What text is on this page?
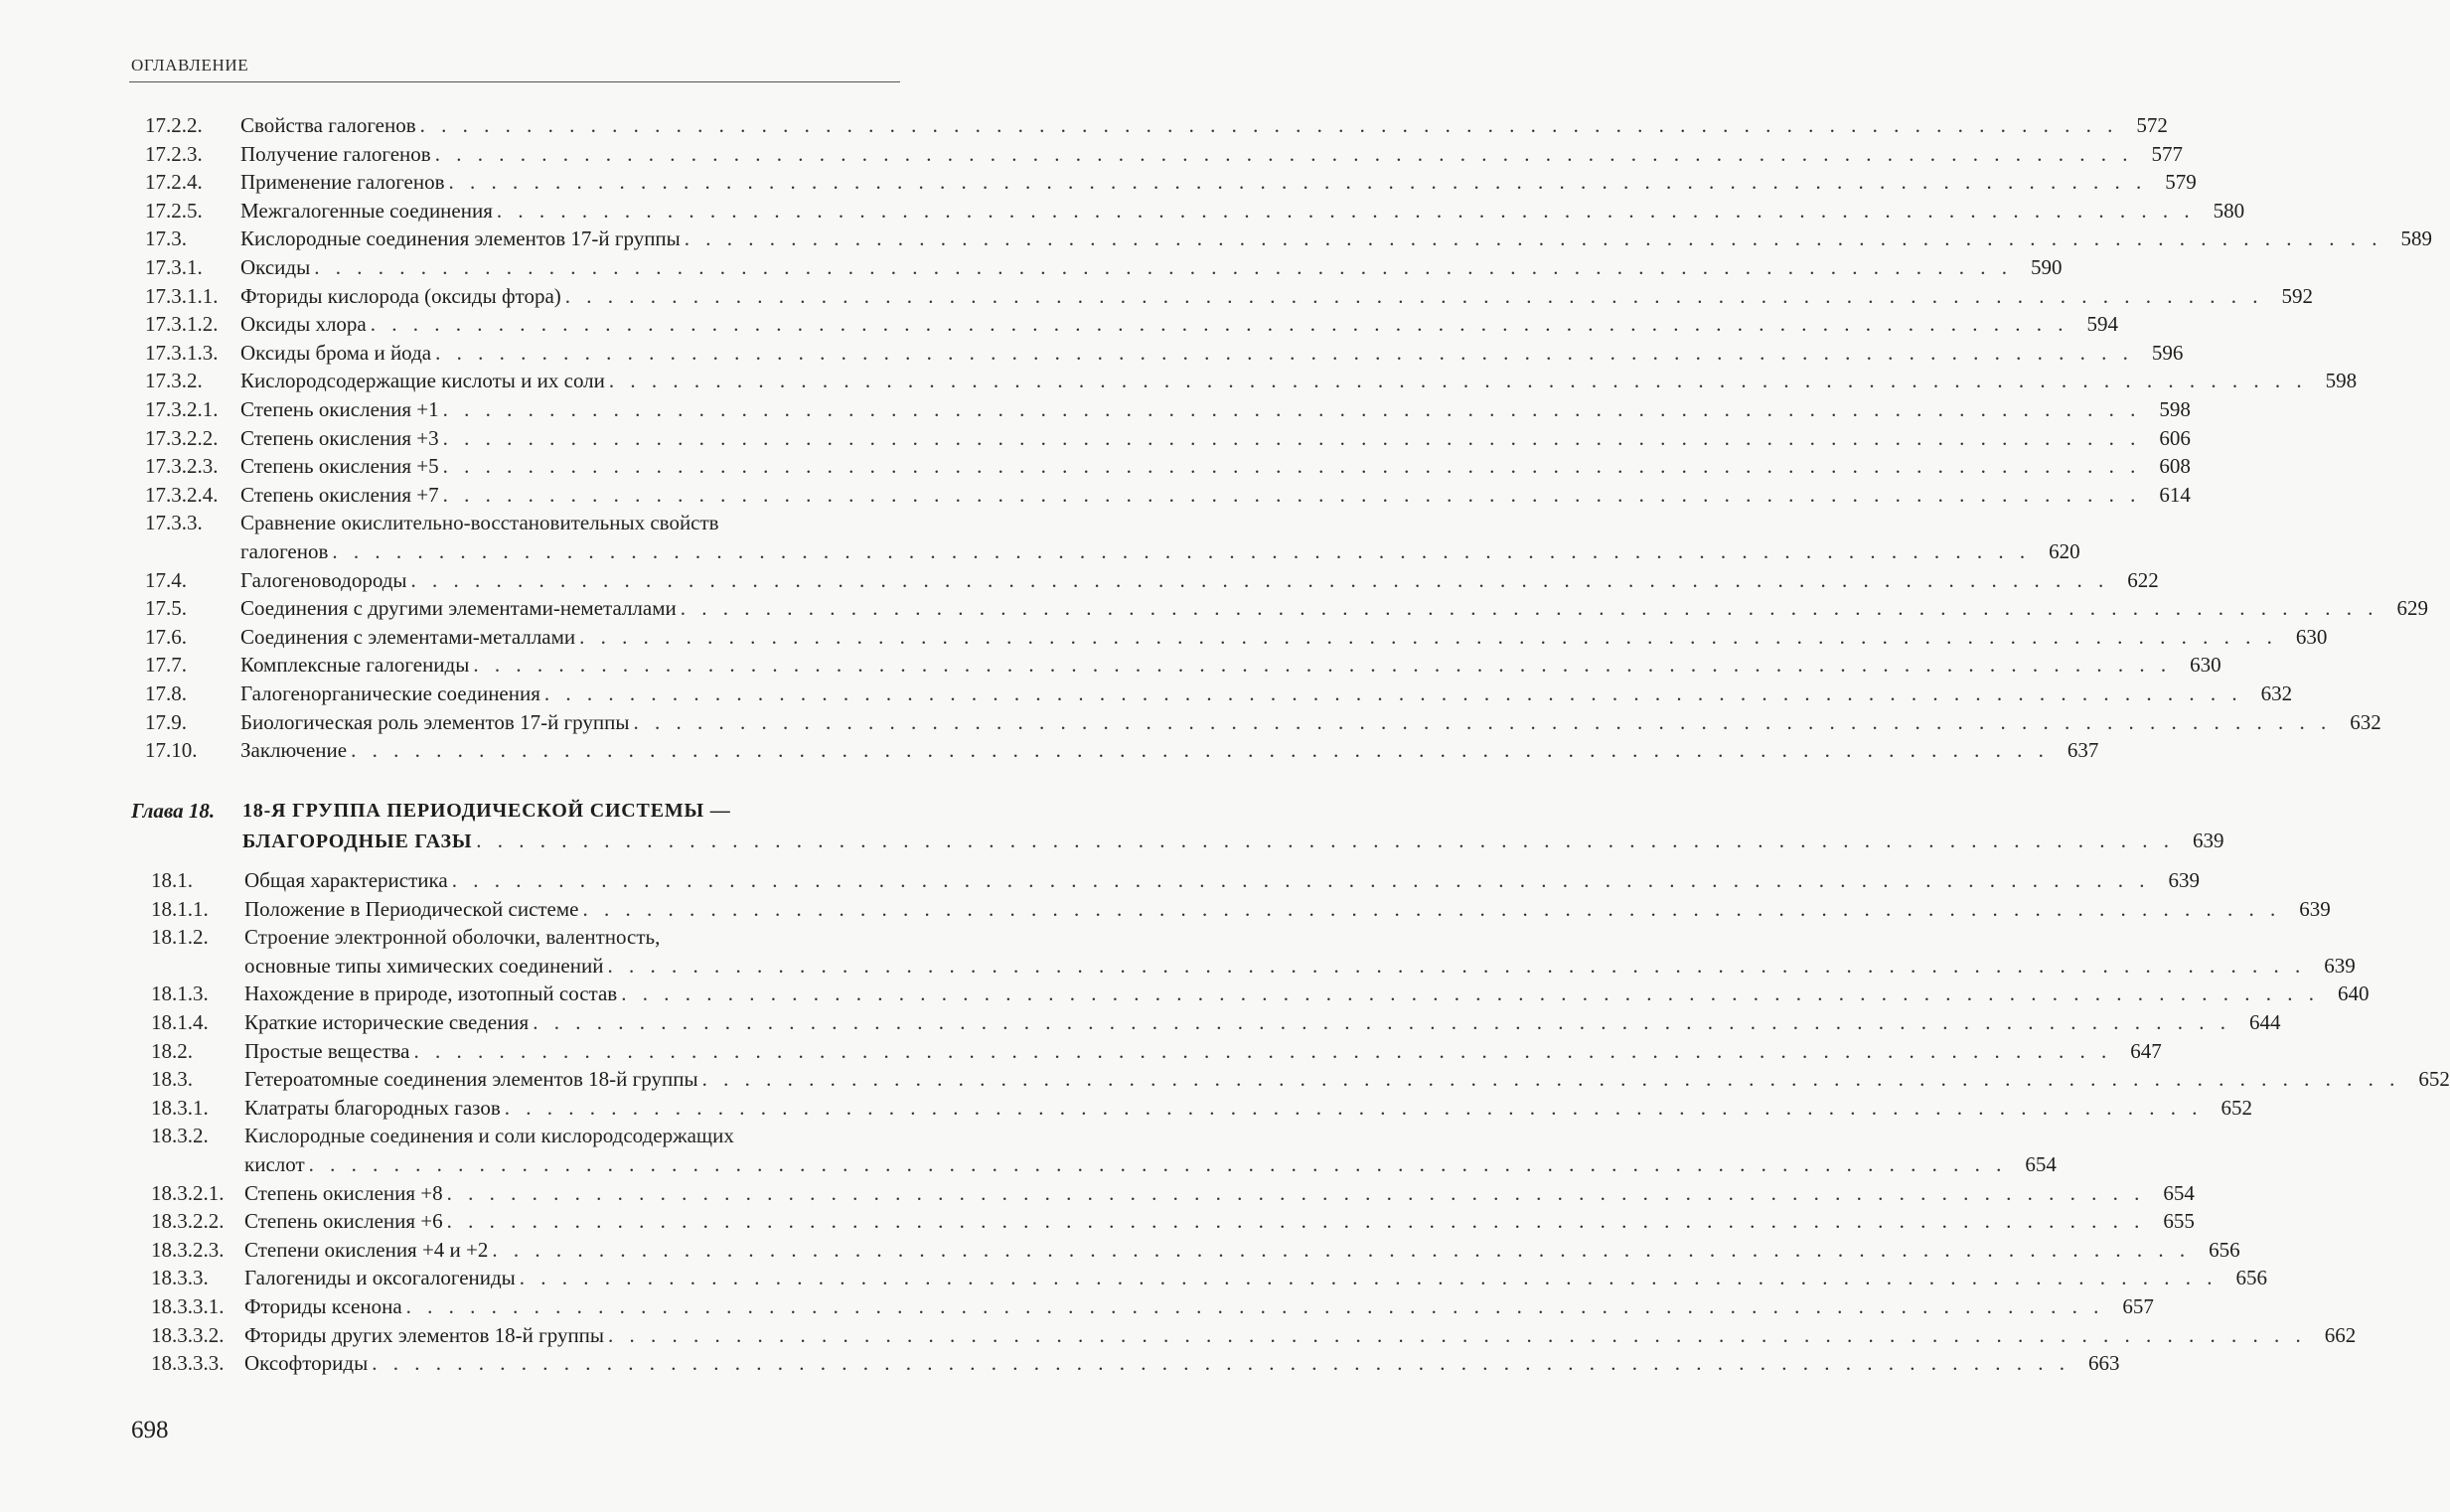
ОГЛАВЛЕНИЕ
17.2.2. Свойства галогенов . . . . . . . . . . . . . . . . . . . . . . . . . . . . . . . . . . . . . . . . . . . . . . . . . . . . . . . . . . . . . . . . . . . . . . . . . . . . . . . . 572
17.2.3. Получение галогенов . . . . . . . . . . . . . . . . . . . . . . . . . . . . . . . . . . . . . . . . . . . . . . . . . . . . . . . . . . . . . . . . . . . . . . . . . . . . . . . . 577
17.2.4. Применение галогенов . . . . . . . . . . . . . . . . . . . . . . . . . . . . . . . . . . . . . . . . . . . . . . . . . . . . . . . . . . . . . . . . . . . . . . . . . . . . . . . . 579
17.2.5. Межгалогенные соединения . . . . . . . . . . . . . . . . . . . . . . . . . . . . . . . . . . . . . . . . . . . . . . . . . . . . . . . . . . . . . . . . . . . . . . . . . . . . . . . . 580
17.3.	Кислородные соединения элементов 17-й группы . . . . . . . . . . . . . . . . . . . . . . . . . . . . . . . . . . . . . . . . . . . . . . . . . . . . . . . . . . . . . . . . . . . . . . . . . . . . . . . . 589
17.3.1. Оксиды . . . . . . . . . . . . . . . . . . . . . . . . . . . . . . . . . . . . . . . . . . . . . . . . . . . . . . . . . . . . . . . . . . . . . . . . . . . . . . . . 590
17.3.1.1. Фториды кислорода (оксиды фтора) . . . . . . . . . . . . . . . . . . . . . . . . . . . . . . . . . . . . . . . . . . . . . . . . . . . . . . . . . . . . . . . . . . . . . . . . . . . . . . . . 592
17.3.1.2. Оксиды хлора . . . . . . . . . . . . . . . . . . . . . . . . . . . . . . . . . . . . . . . . . . . . . . . . . . . . . . . . . . . . . . . . . . . . . . . . . . . . . . . . 594
17.3.1.3. Оксиды брома и йода . . . . . . . . . . . . . . . . . . . . . . . . . . . . . . . . . . . . . . . . . . . . . . . . . . . . . . . . . . . . . . . . . . . . . . . . . . . . . . . . 596
17.3.2. Кислородсодержащие кислоты и их соли . . . . . . . . . . . . . . . . . . . . . . . . . . . . . . . . . . . . . . . . . . . . . . . . . . . . . . . . . . . . . . . . . . . . . . . . . . . . . . . . 598
17.3.2.1. Степень окисления +1 . . . . . . . . . . . . . . . . . . . . . . . . . . . . . . . . . . . . . . . . . . . . . . . . . . . . . . . . . . . . . . . . . . . . . . . . . . . . . . . . 598
17.3.2.2. Степень окисления +3 . . . . . . . . . . . . . . . . . . . . . . . . . . . . . . . . . . . . . . . . . . . . . . . . . . . . . . . . . . . . . . . . . . . . . . . . . . . . . . . . 606
17.3.2.3. Степень окисления +5 . . . . . . . . . . . . . . . . . . . . . . . . . . . . . . . . . . . . . . . . . . . . . . . . . . . . . . . . . . . . . . . . . . . . . . . . . . . . . . . . 608
17.3.2.4. Степень окисления +7 . . . . . . . . . . . . . . . . . . . . . . . . . . . . . . . . . . . . . . . . . . . . . . . . . . . . . . . . . . . . . . . . . . . . . . . . . . . . . . . . 614
17.3.3. Сравнение окислительно-восстановительных свойств
галогенов . . . . . . . . . . . . . . . . . . . . . . . . . . . . . . . . . . . . . . . . . . . . . . . . . . . . . . . . . . . . . . . . . . . . . . . . . . . . . . . . 620
17.4.	Галогеноводороды . . . . . . . . . . . . . . . . . . . . . . . . . . . . . . . . . . . . . . . . . . . . . . . . . . . . . . . . . . . . . . . . . . . . . . . . . . . . . . . . 622
17.5.	Соединения с другими элементами-неметаллами . . . . . . . . . . . . . . . . . . . . . . . . . . . . . . . . . . . . . . . . . . . . . . . . . . . . . . . . . . . . . . . . . . . . . . . . . . . . . . . . 629
17.6.	Соединения с элементами-металлами . . . . . . . . . . . . . . . . . . . . . . . . . . . . . . . . . . . . . . . . . . . . . . . . . . . . . . . . . . . . . . . . . . . . . . . . . . . . . . . . 630
17.7.	Комплексные галогениды . . . . . . . . . . . . . . . . . . . . . . . . . . . . . . . . . . . . . . . . . . . . . . . . . . . . . . . . . . . . . . . . . . . . . . . . . . . . . . . . 630
17.8.	Галогенорганические соединения . . . . . . . . . . . . . . . . . . . . . . . . . . . . . . . . . . . . . . . . . . . . . . . . . . . . . . . . . . . . . . . . . . . . . . . . . . . . . . . . 632
17.9.	Биологическая роль элементов 17-й группы . . . . . . . . . . . . . . . . . . . . . . . . . . . . . . . . . . . . . . . . . . . . . . . . . . . . . . . . . . . . . . . . . . . . . . . . . . . . . . . . 632
17.10. Заключение . . . . . . . . . . . . . . . . . . . . . . . . . . . . . . . . . . . . . . . . . . . . . . . . . . . . . . . . . . . . . . . . . . . . . . . . . . . . . . . . 637
Глава 18. 18-Я ГРУППА ПЕРИОДИЧЕСКОЙ СИСТЕМЫ —
БЛАГОРОДНЫЕ ГАЗЫ . . . . . . . . . . . . . . . . . . . . . . . . . . . . . . . . . . . . . . . . . . . . . . . . . . . . . . . . . . . . . . . . . . . . . . . . . . . . . . . . 639
18.1. Общая характеристика . . . . . . . . . . . . . . . . . . . . . . . . . . . . . . . . . . . . . . . . . . . . . . . . . . . . . . . . . . . . . . . . . . . . . . . . . . . . . . . . 639
18.1.1. Положение в Периодической системе . . . . . . . . . . . . . . . . . . . . . . . . . . . . . . . . . . . . . . . . . . . . . . . . . . . . . . . . . . . . . . . . . . . . . . . . . . . . . . . . 639
18.1.2. Строение электронной оболочки, валентность,
основные типы химических соединений . . . . . . . . . . . . . . . . . . . . . . . . . . . . . . . . . . . . . . . . . . . . . . . . . . . . . . . . . . . . . . . . . . . . . . . . . . . . . . . . 639
18.1.3. Нахождение в природе, изотопный состав . . . . . . . . . . . . . . . . . . . . . . . . . . . . . . . . . . . . . . . . . . . . . . . . . . . . . . . . . . . . . . . . . . . . . . . . . . . . . . . . 640
18.1.4. Краткие исторические сведения . . . . . . . . . . . . . . . . . . . . . . . . . . . . . . . . . . . . . . . . . . . . . . . . . . . . . . . . . . . . . . . . . . . . . . . . . . . . . . . . 644
18.2. Простые вещества . . . . . . . . . . . . . . . . . . . . . . . . . . . . . . . . . . . . . . . . . . . . . . . . . . . . . . . . . . . . . . . . . . . . . . . . . . . . . . . . 647
18.3. Гетероатомные соединения элементов 18-й группы . . . . . . . . . . . . . . . . . . . . . . . . . . . . . . . . . . . . . . . . . . . . . . . . . . . . . . . . . . . . . . . . . . . . . . . . . . . . . . . . 652
18.3.1. Клатраты благородных газов . . . . . . . . . . . . . . . . . . . . . . . . . . . . . . . . . . . . . . . . . . . . . . . . . . . . . . . . . . . . . . . . . . . . . . . . . . . . . . . . 652
18.3.2. Кислородные соединения и соли кислородсодержащих
кислот . . . . . . . . . . . . . . . . . . . . . . . . . . . . . . . . . . . . . . . . . . . . . . . . . . . . . . . . . . . . . . . . . . . . . . . . . . . . . . . . 654
18.3.2.1. Степень окисления +8 . . . . . . . . . . . . . . . . . . . . . . . . . . . . . . . . . . . . . . . . . . . . . . . . . . . . . . . . . . . . . . . . . . . . . . . . . . . . . . . . 654
18.3.2.2. Степень окисления +6 . . . . . . . . . . . . . . . . . . . . . . . . . . . . . . . . . . . . . . . . . . . . . . . . . . . . . . . . . . . . . . . . . . . . . . . . . . . . . . . . 655
18.3.2.3. Степени окисления +4 и +2 . . . . . . . . . . . . . . . . . . . . . . . . . . . . . . . . . . . . . . . . . . . . . . . . . . . . . . . . . . . . . . . . . . . . . . . . . . . . . . . . 656
18.3.3. Галогениды и оксогалогениды . . . . . . . . . . . . . . . . . . . . . . . . . . . . . . . . . . . . . . . . . . . . . . . . . . . . . . . . . . . . . . . . . . . . . . . . . . . . . . . . 656
18.3.3.1. Фториды ксенона . . . . . . . . . . . . . . . . . . . . . . . . . . . . . . . . . . . . . . . . . . . . . . . . . . . . . . . . . . . . . . . . . . . . . . . . . . . . . . . . 657
18.3.3.2. Фториды других элементов 18-й группы . . . . . . . . . . . . . . . . . . . . . . . . . . . . . . . . . . . . . . . . . . . . . . . . . . . . . . . . . . . . . . . . . . . . . . . . . . . . . . . . 662
18.3.3.3. Оксофториды . . . . . . . . . . . . . . . . . . . . . . . . . . . . . . . . . . . . . . . . . . . . . . . . . . . . . . . . . . . . . . . . . . . . . . . . . . . . . . . . 663
698
